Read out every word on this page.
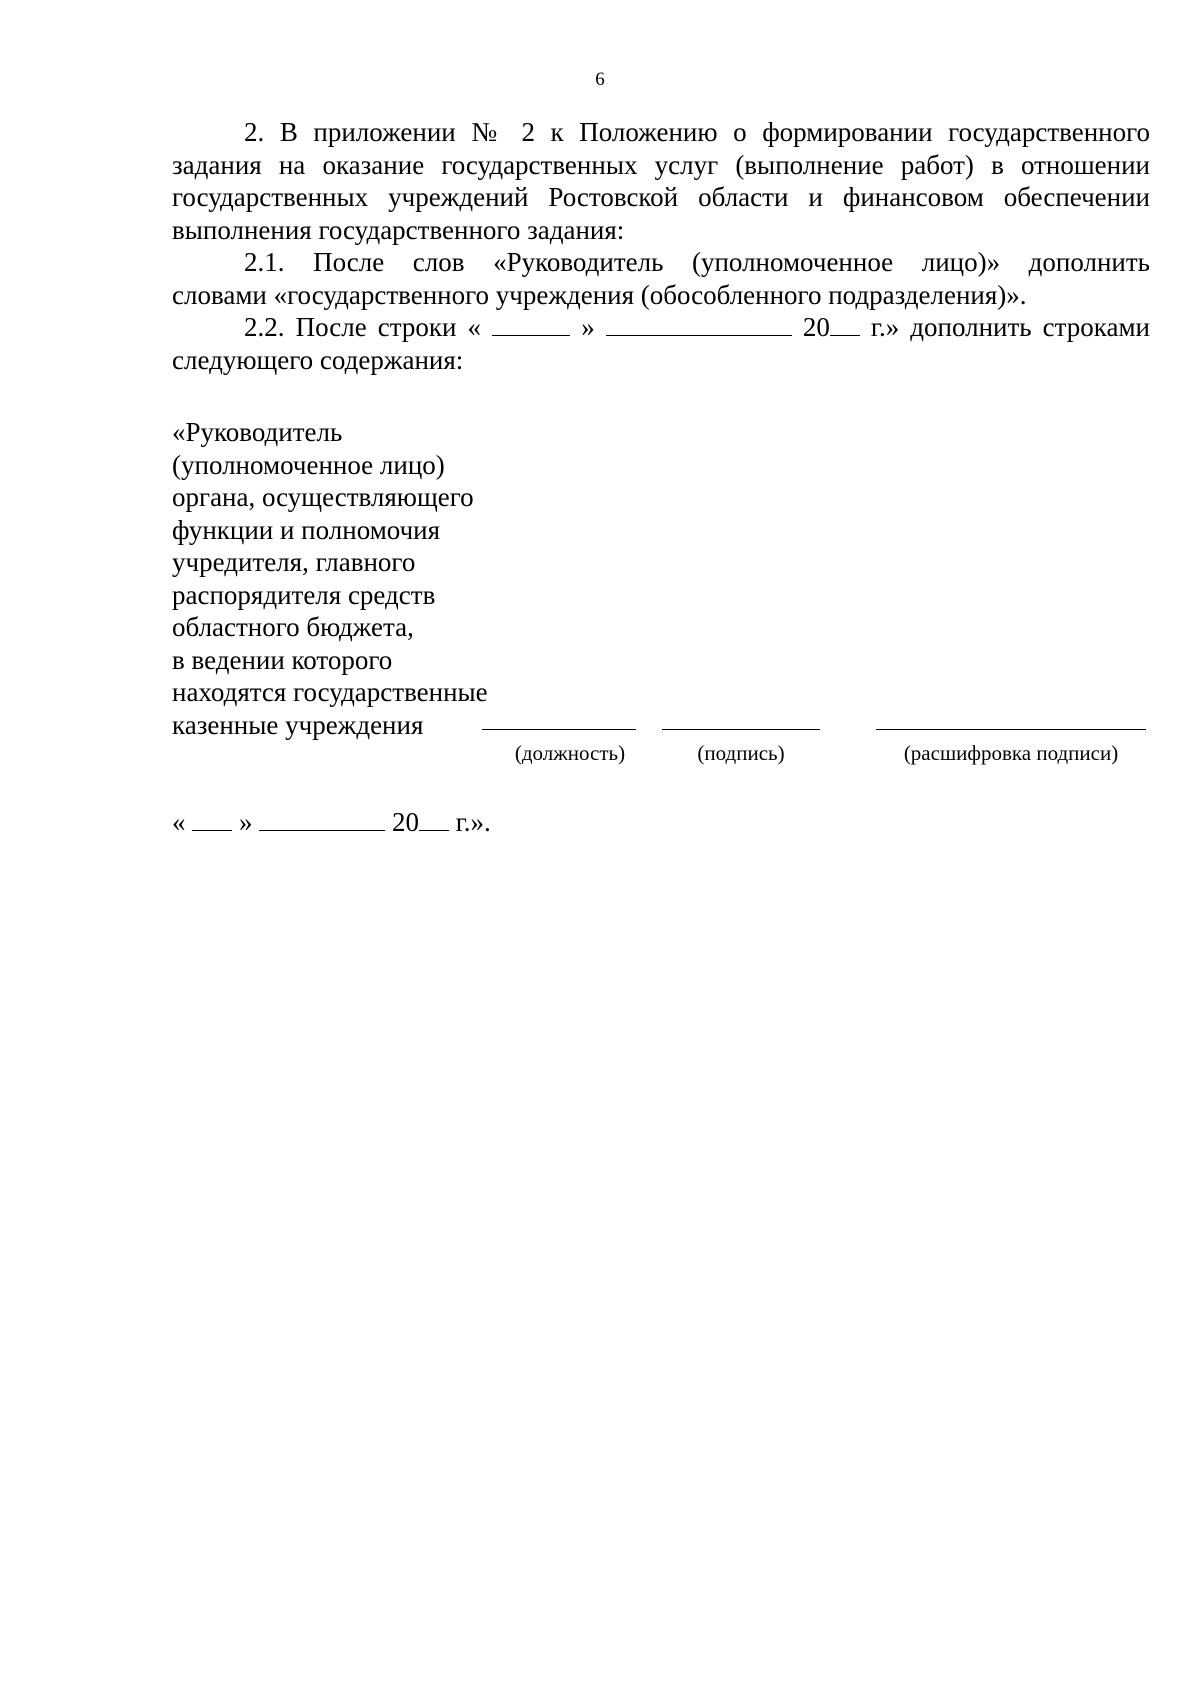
6
2. В приложении № 2 к Положению о формировании государственного
задания на оказание государственных услуг (выполнение работ) в отношении
государственных учреждений Ростовской области и финансовом обеспечении
выполнения государственного задания:
2.1. После слов «Руководитель (уполномоченное лицо)» дополнить
словами «государственного учреждения (обособленного подразделения)».
2.2. После строки «	»	20 г.» дополнить строками
следующего содержания:
«Руководитель
(уполномоченное лицо)
органа, осуществляющего
функции и полномочия
учредителя, главного
распорядителя средств
областного бюджета,
в ведении которого
находятся государственные
казенные учреждения
(должность)	(подпись)	(расшифровка подписи)
« »	20 г.».
